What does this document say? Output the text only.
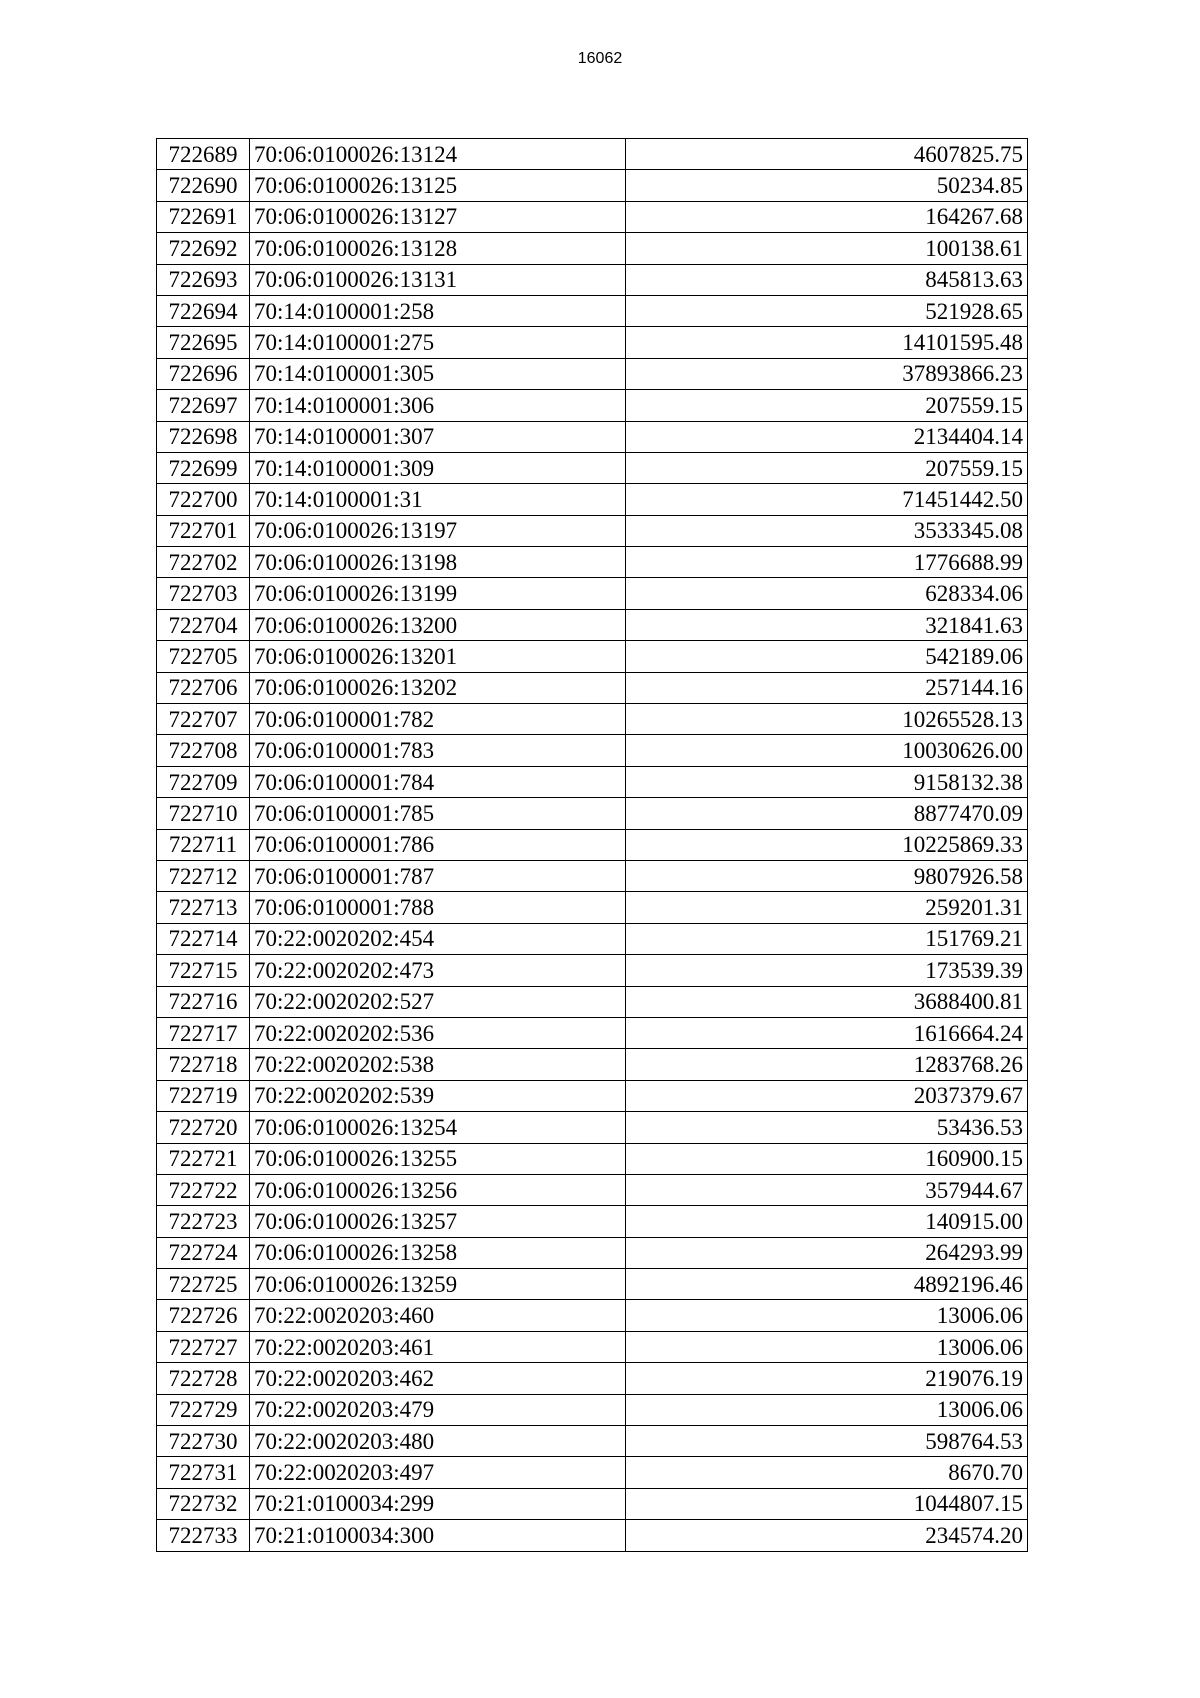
16062
722689	70:06:0100026:13124	4607825.75
722690	70:06:0100026:13125	50234.85
722691	70:06:0100026:13127	164267.68
722692	70:06:0100026:13128	100138.61
722693	70:06:0100026:13131	845813.63
722694	70:14:0100001:258	521928.65
722695	70:14:0100001:275	14101595.48
722696	70:14:0100001:305	37893866.23
722697	70:14:0100001:306	207559.15
722698	70:14:0100001:307	2134404.14
722699	70:14:0100001:309	207559.15
722700	70:14:0100001:31	71451442.50
722701	70:06:0100026:13197	3533345.08
722702	70:06:0100026:13198	1776688.99
722703	70:06:0100026:13199	628334.06
722704	70:06:0100026:13200	321841.63
722705	70:06:0100026:13201	542189.06
722706	70:06:0100026:13202	257144.16
722707	70:06:0100001:782	10265528.13
722708	70:06:0100001:783	10030626.00
722709	70:06:0100001:784	9158132.38
722710	70:06:0100001:785	8877470.09
722711	70:06:0100001:786	10225869.33
722712	70:06:0100001:787	9807926.58
722713	70:06:0100001:788	259201.31
722714	70:22:0020202:454	151769.21
722715	70:22:0020202:473	173539.39
722716	70:22:0020202:527	3688400.81
722717	70:22:0020202:536	1616664.24
722718	70:22:0020202:538	1283768.26
722719	70:22:0020202:539	2037379.67
722720	70:06:0100026:13254	53436.53
722721	70:06:0100026:13255	160900.15
722722	70:06:0100026:13256	357944.67
722723	70:06:0100026:13257	140915.00
722724	70:06:0100026:13258	264293.99
722725	70:06:0100026:13259	4892196.46
722726	70:22:0020203:460	13006.06
722727	70:22:0020203:461	13006.06
722728	70:22:0020203:462	219076.19
722729	70:22:0020203:479	13006.06
722730	70:22:0020203:480	598764.53
722731	70:22:0020203:497	8670.70
722732	70:21:0100034:299	1044807.15
722733	70:21:0100034:300	234574.20
